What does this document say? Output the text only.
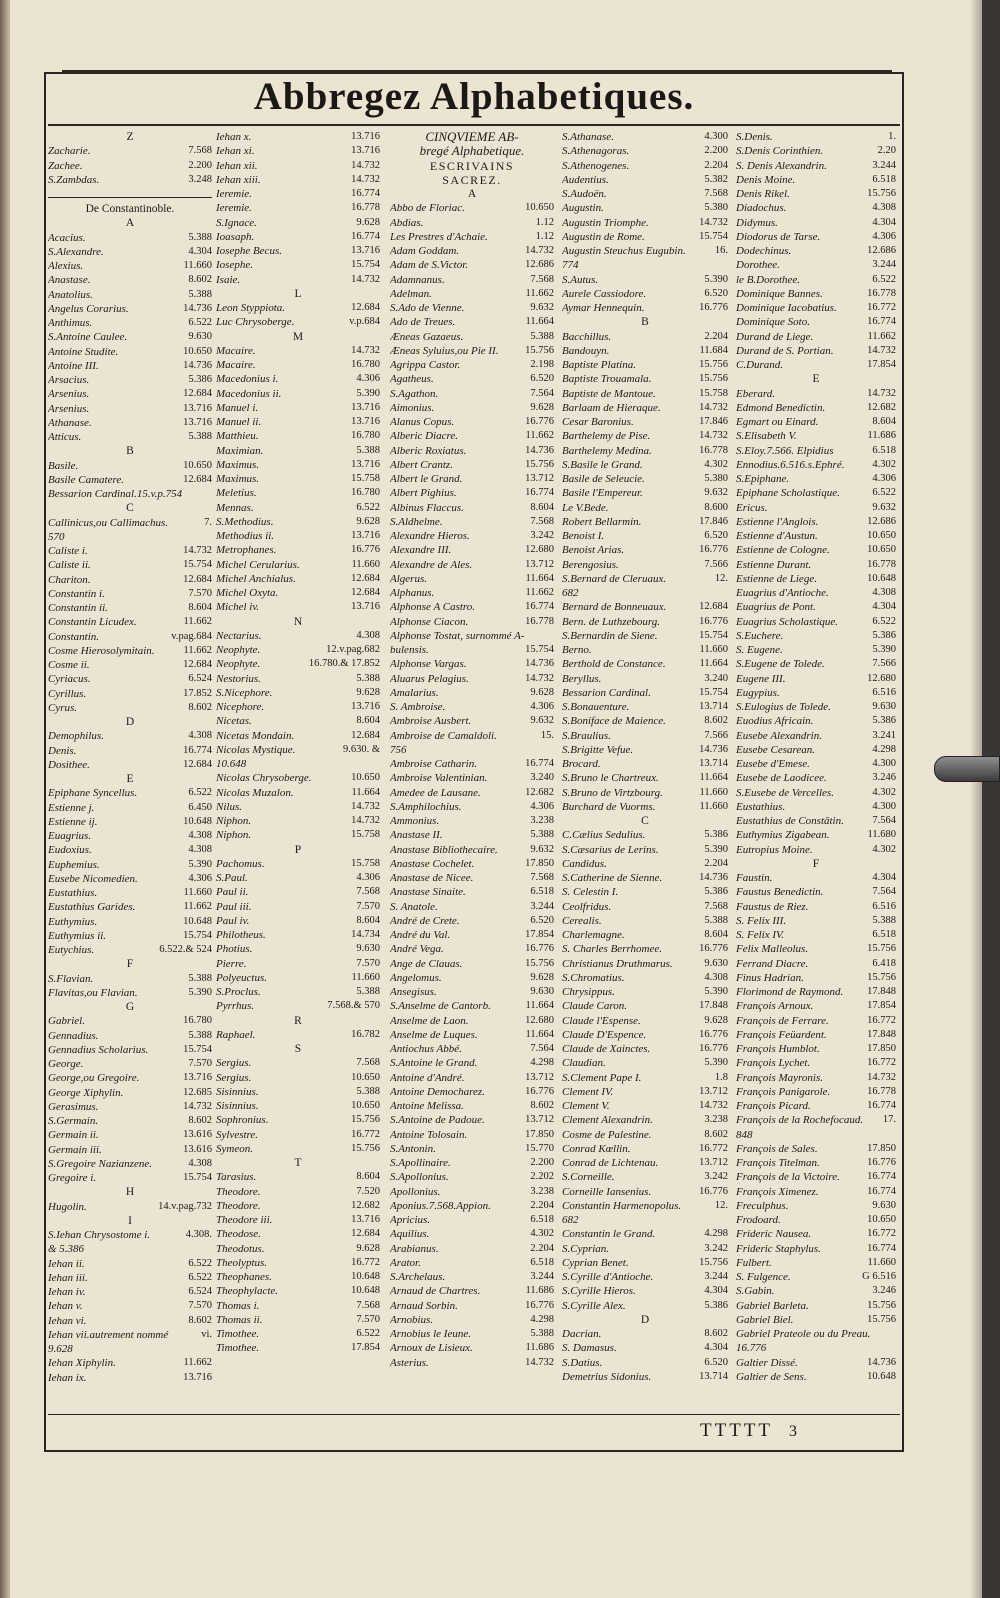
Abbregez Alphabetiques.
Z
Zacharie.	7.568
Zachee.	2.200
S.Zambdas.	3.248
De Constantinoble.
A
Acacius.	5.388
S.Alexandre.	4.304
Alexius.	11.660
Anastase.	8.602
Anatolius.	5.388
Angelus Corarius.	14.736
Anthimus.	6.522
S.Antoine Caulee.	9.630
Antoine Studite.	10.650
Antoine III.	14.736
Arsacius.	5.386
Arsenius.	12.684
Arsenius.	13.716
Athanase.	13.716
Atticus.	5.388
B
Basile.	10.650
Basile Camatere.	12.684
Bessarion Cardinal.15.v.p.754
C
Callinicus,ou Callimachus.	7.
570
Caliste i.	14.732
Caliste ii.	15.754
Chariton.	12.684
Constantin i.	7.570
Constantin ii.	8.604
Constantin Licudex.	11.662
Constantin.	v.pag.684
Cosme Hierosolymitain.	11.662
Cosme ii.	12.684
Cyriacus.	6.524
Cyrillus.	17.852
Cyrus.	8.602
D
Demophilus.	4.308
Denis.	16.774
Dosithee.	12.684
E
Epiphane Syncellus.	6.522
Estienne j.	6.450
Estienne ij.	10.648
Euagrius.	4.308
Eudoxius.	4.308
Euphemius.	5.390
Eusebe Nicomedien.	4.306
Eustathius.	11.660
Eustathius Garides.	11.662
Euthymius.	10.648
Euthymius ii.	15.754
Eutychius.	6.522.& 524
F
S.Flavian.	5.388
Flavitas,ou Flavian.	5.390
G
Gabriel.	16.780
Gennadius.	5.388
Gennadius Scholarius.	15.754
George.	7.570
George,ou Gregoire.	13.716
George Xiphylin.	12.685
Gerasimus.	14.732
S.Germain.	8.602
Germain ii.	13.616
Germain iii.	13.616
S.Gregoire Nazianzene.	4.308
Gregoire i.	15.754
H
Hugolin.	14.v.pag.732
I
S.Iehan Chrysostome i.	4.308.
& 5.386
Iehan ii.	6.522
Iehan iii.	6.522
Iehan iv.	6.524
Iehan v.	7.570
Iehan vi.	8.602
Iehan vii.autrement nommé	vi.
9.628
Iehan Xiphylin.	11.662
Iehan ix.	13.716
Iehan x.	13.716
Iehan xi.	13.716
Iehan xii.	14.732
Iehan xiii.	14.732
Ieremie.	16.774
Ieremie.	16.778
S.Ignace.	9.628
Ioasaph.	16.774
Iosephe Becus.	13.716
Iosephe.	15.754
Isaie.	14.732
L
Leon Styppiota.	12.684
Luc Chrysoberge.	v.p.684
M
Macaire.	14.732
Macaire.	16.780
Macedonius i.	4.306
Macedonius ii.	5.390
Manuel i.	13.716
Manuel ii.	13.716
Matthieu.	16.780
Maximian.	5.388
Maximus.	13.716
Maximus.	15.758
Meletius.	16.780
Mennas.	6.522
S.Methodius.	9.628
Methodius ii.	13.716
Metrophanes.	16.776
Michel Cerularius.	11.660
Michel Anchialus.	12.684
Michel Oxyta.	12.684
Michel iv.	13.716
N
Nectarius.	4.308
Neophyte.	12.v.pag.682
Neophyte.	16.780.& 17.852
Nestorius.	5.388
S.Nicephore.	9.628
Nicephore.	13.716
Nicetas.	8.604
Nicetas Mondain.	12.684
Nicolas Mystique.	9.630. &
10.648
Nicolas Chrysoberge.	10.650
Nicolas Muzalon.	11.664
Nilus.	14.732
Niphon.	14.732
Niphon.	15.758
P
Pachomus.	15.758
S.Paul.	4.306
Paul ii.	7.568
Paul iii.	7.570
Paul iv.	8.604
Philotheus.	14.734
Photius.	9.630
Pierre.	7.570
Polyeuctus.	11.660
S.Proclus.	5.388
Pyrrhus.	7.568.& 570
R
Raphael.	16.782
S
Sergius.	7.568
Sergius.	10.650
Sisinnius.	5.388
Sisinnius.	10.650
Sophronius.	15.756
Sylvestre.	16.772
Symeon.	15.756
T
Tarasius.	8.604
Theodore.	7.520
Theodore.	12.682
Theodore iii.	13.716
Theodose.	12.684
Theodotus.	9.628
Theolyptus.	16.772
Theophanes.	10.648
Theophylacte.	10.648
Thomas i.	7.568
Thomas ii.	7.570
Timothee.	6.522
Timothee.	17.854
CINQVIEME AB-
bregé Alphabetique.
ESCRIVAINS
SACREZ.
A
Abbo de Floriac.	10.650
Abdias.	1.12
Les Prestres d'Achaie.	1.12
Adam Goddam.	14.732
Adam de S.Victor.	12.686
Adamnanus.	7.568
Adelman.	11.662
S.Ado de Vienne.	9.632
Ado de Treues.	11.664
Æneas Gazaeus.	5.388
Æneas Syluius,ou Pie II.	15.756
Agrippa Castor.	2.198
Agatheus.	6.520
S.Agathon.	7.564
Aimonius.	9.628
Alanus Copus.	16.776
Alberic Diacre.	11.662
Alberic Roxiatus.	14.736
Albert Crantz.	15.756
Albert le Grand.	13.712
Albert Pighius.	16.774
Albinus Flaccus.	8.604
S.Aldhelme.	7.568
Alexandre Hieros.	3.242
Alexandre III.	12.680
Alexandre de Ales.	13.712
Algerus.	11.664
Alphanus.	11.662
Alphonse A Castro.	16.774
Alphonse Ciacon.	16.778
Alphonse Tostat, surnommé A-
bulensis.	15.754
Alphonse Vargas.	14.736
Aluarus Pelagius.	14.732
Amalarius.	9.628
S. Ambroise.	4.306
Ambroise Ausbert.	9.632
Ambroise de Camaldoli.	15.
756
Ambroise Catharin.	16.774
Ambroise Valentinian.	3.240
Amedee de Lausane.	12.682
S.Amphilochius.	4.306
Ammonius.	3.238
Anastase II.	5.388
Anastase Bibliothecaire.	9.632
Anastase Cochelet.	17.850
Anastase de Nicee.	7.568
Anastase Sinaite.	6.518
S. Anatole.	3.244
André de Crete.	6.520
André du Val.	17.854
André Vega.	16.776
Ange de Clauas.	15.756
Angelomus.	9.628
Ansegisus.	9.630
S.Anselme de Cantorb.	11.664
Anselme de Laon.	12.680
Anselme de Luques.	11.664
Antiochus Abbé.	7.564
S.Antoine le Grand.	4.298
Antoine d'André.	13.712
Antoine Democharez.	16.776
Antoine Melissa.	8.602
S.Antoine de Padoue.	13.712
Antoine Tolosain.	17.850
S.Antonin.	15.770
S.Apollinaire.	2.200
S.Apollonius.	2.202
Apollonius.	3.238
Aponius.7.568.Appion.	2.204
Apricius.	6.518
Aquilius.	4.302
Arabianus.	2.204
Arator.	6.518
S.Archelaus.	3.244
Arnaud de Chartres.	11.686
Arnaud Sorbin.	16.776
Arnobius.	4.298
Arnobius le Ieune.	5.388
Arnoux de Lisieux.	11.686
Asterius.	14.732
S.Athanase.	4.300
S.Athenagoras.	2.200
S.Athenogenes.	2.204
Audentius.	5.382
S.Audoën.	7.568
Augustin.	5.380
Augustin Triomphe.	14.732
Augustin de Rome.	15.754
Augustin Steuchus Eugubin.	16.
774
S.Autus.	5.390
Aurele Cassiodore.	6.520
Aymar Hennequin.	16.776
B
Bacchillus.	2.204
Bandouyn.	11.684
Baptiste Platina.	15.756
Baptiste Trouamala.	15.756
Baptiste de Mantoue.	15.758
Barlaam de Hieraque.	14.732
Cesar Baronius.	17.846
Barthelemy de Pise.	14.732
Barthelemy Medina.	16.778
S.Basile le Grand.	4.302
Basile de Seleucie.	5.380
Basile l'Empereur.	9.632
Le V.Bede.	8.600
Robert Bellarmin.	17.846
Benoist I.	6.520
Benoist Arias.	16.776
Berengosius.	7.566
S.Bernard de Cleruaux.	12.
682
Bernard de Bonneuaux.	12.684
Bern. de Luthzebourg.	16.776
S.Bernardin de Siene.	15.754
Berno.	11.660
Berthold de Constance.	11.664
Beryllus.	3.240
Bessarion Cardinal.	15.754
S.Bonauenture.	13.714
S.Boniface de Maience.	8.602
S.Braulius.	7.566
S.Brigitte Vefue.	14.736
Brocard.	13.714
S.Bruno le Chartreux.	11.664
S.Bruno de Virtzbourg.	11.660
Burchard de Vuorms.	11.660
C
C.Cælius Sedulius.	5.386
S.Cæsarius de Lerins.	5.390
Candidus.	2.204
S.Catherine de Sienne.	14.736
S. Celestin I.	5.386
Ceolfridus.	7.568
Cerealis.	5.388
Charlemagne.	8.604
S. Charles Berrhomee.	16.776
Christianus Druthmarus.	9.630
S.Chromatius.	4.308
Chrysippus.	5.390
Claude Caron.	17.848
Claude l'Espense.	9.628
Claude D'Espence.	16.776
Claude de Xainctes.	16.776
Claudian.	5.390
S.Clement Pape I.	1.8
Clement IV.	13.712
Clement V.	14.732
Clement Alexandrin.	3.238
Cosme de Palestine.	8.602
Conrad Kœllin.	16.772
Conrad de Lichtenau.	13.712
S.Corneille.	3.242
Corneille Iansenius.	16.776
Constantin Harmenopolus.	12.
682
Constantin le Grand.	4.298
S.Cyprian.	3.242
Cyprian Benet.	15.756
S.Cyrille d'Antioche.	3.244
S.Cyrille Hieros.	4.304
S.Cyrille Alex.	5.386
D
Dacrian.	8.602
S. Damasus.	4.304
S.Datius.	6.520
Demetrius Sidonius.	13.714
S.Denis.	1.
S.Denis Corinthien.	2.20
S. Denis Alexandrin.	3.244
Denis Moine.	6.518
Denis Rikel.	15.756
Diadochus.	4.308
Didymus.	4.304
Diodorus de Tarse.	4.306
Dodechinus.	12.686
Dorothee.	3.244
le B.Dorothee.	6.522
Dominique Bannes.	16.778
Dominique Iacobatius.	16.772
Dominique Soto.	16.774
Durand de Liege.	11.662
Durand de S. Portian.	14.732
C.Durand.	17.854
E
Eberard.	14.732
Edmond Benedictin.	12.682
Egmart ou Einard.	8.604
S.Elisabeth V.	11.686
S.Eloy.7.566. Elpidius	6.518
Ennodius.6.516.s.Ephré.	4.302
S.Epiphane.	4.306
Epiphane Scholastique.	6.522
Ericus.	9.632
Estienne l'Anglois.	12.686
Estienne d'Austun.	10.650
Estienne de Cologne.	10.650
Estienne Durant.	16.778
Estienne de Liege.	10.648
Euagrius d'Antioche.	4.308
Euagrius de Pont.	4.304
Euagrius Scholastique.	6.522
S.Euchere.	5.386
S. Eugene.	5.390
S.Eugene de Tolede.	7.566
Eugene III.	12.680
Eugypius.	6.516
S.Eulogius de Tolede.	9.630
Euodius Africain.	5.386
Eusebe Alexandrin.	3.241
Eusebe Cesarean.	4.298
Eusebe d'Emese.	4.300
Eusebe de Laodicee.	3.246
S.Eusebe de Vercelles.	4.302
Eustathius.	4.300
Eustathius de Constātin.	7.564
Euthymius Zigabean.	11.680
Eutropius Moine.	4.302
F
Faustin.	4.304
Faustus Benedictin.	7.564
Faustus de Riez.	6.516
S. Felix III.	5.388
S. Felix IV.	6.518
Felix Malleolus.	15.756
Ferrand Diacre.	6.418
Finus Hadrian.	15.756
Florimond de Raymond. 17.848
François Arnoux.	17.854
François de Ferrare.	16.772
François Feüardent.	17.848
François Humblot.	17.850
François Lychet.	16.772
François Mayronis.	14.732
François Panigarole.	16.778
François Picard.	16.774
François de la Rochefocaud. 17.
848
François de Sales.	17.850
François Titelman.	16.776
François de la Victoire.	16.774
François Ximenez.	16.774
Freculphus.	9.630
Frodoard.	10.650
Frideric Nausea.	16.772
Frideric Staphylus.	16.774
Fulbert.	11.660
S. Fulgence.	G 6.516
S.Gabin.	3.246
Gabriel Barleta.	15.756
Gabriel Biel.	15.756
Gabriel Prateole ou du Preau.
16.776
Galtier Dissé.	14.736
Galtier de Sens.	10.648
TTTTT 3
